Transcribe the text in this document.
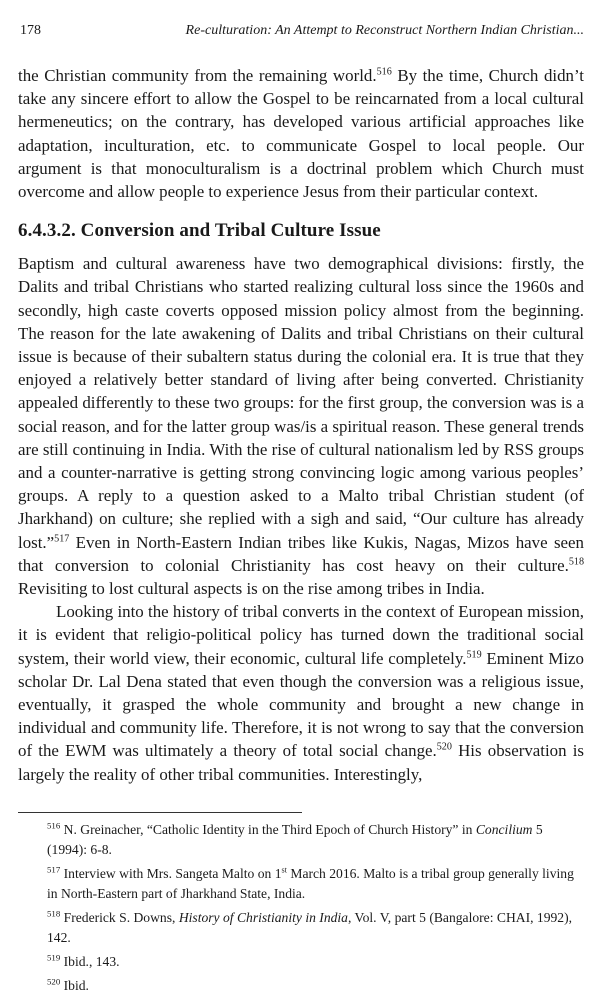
178	Re-culturation: An Attempt to Reconstruct Northern Indian Christian...

the Christian community from the remaining world.$^{516}$ By the time, Church didn’t take any sincere effort to allow the Gospel to be reincarnated from a local cultural hermeneutics; on the contrary, has developed various artificial approaches like adaptation, inculturation, etc. to communicate Gospel to local people. Our argument is that monoculturalism is a doctrinal problem which Church must overcome and allow people to experience Jesus from their particular context.

6.4.3.2. Conversion and Tribal Culture Issue

Baptism and cultural awareness have two demographical divisions: firstly, the Dalits and tribal Christians who started realizing cultural loss since the 1960s and secondly, high caste coverts opposed mission policy almost from the beginning. The reason for the late awakening of Dalits and tribal Christians on their cultural issue is because of their subaltern status during the colonial era. It is true that they enjoyed a relatively better standard of living after being converted. Christianity appealed differently to these two groups: for the first group, the conversion was is a social reason, and for the latter group was/is a spiritual reason. These general trends are still continuing in India. With the rise of cultural nationalism led by RSS groups and a counter-narrative is getting strong convincing logic among various peoples’ groups. A reply to a question asked to a Malto tribal Christian student (of Jharkhand) on culture; she replied with a sigh and said, “Our culture has already lost.”$^{517}$ Even in North-Eastern Indian tribes like Kukis, Nagas, Mizos have seen that conversion to colonial Christianity has cost heavy on their culture.$^{518}$ Revisiting to lost cultural aspects is on the rise among tribes in India.

Looking into the history of tribal converts in the context of European mission, it is evident that religio-political policy has turned down the traditional social system, their world view, their economic, cultural life completely.$^{519}$ Eminent Mizo scholar Dr. Lal Dena stated that even though the conversion was a religious issue, eventually, it grasped the whole community and brought a new change in individual and community life. Therefore, it is not wrong to say that the conversion of the EWM was ultimately a theory of total social change.$^{520}$ His observation is largely the reality of other tribal communities. Interestingly,

$^{516}$ N. Greinacher, “Catholic Identity in the Third Epoch of Church History” in Concilium 5 (1994): 6-8.

$^{517}$ Interview with Mrs. Sangeta Malto on 1st March 2016. Malto is a tribal group generally living in North-Eastern part of Jharkhand State, India.

$^{518}$ Frederick S. Downs, History of Christianity in India, Vol. V, part 5 (Bangalore: CHAI, 1992), 142.

$^{519}$ Ibid., 143.

$^{520}$ Ibid.
